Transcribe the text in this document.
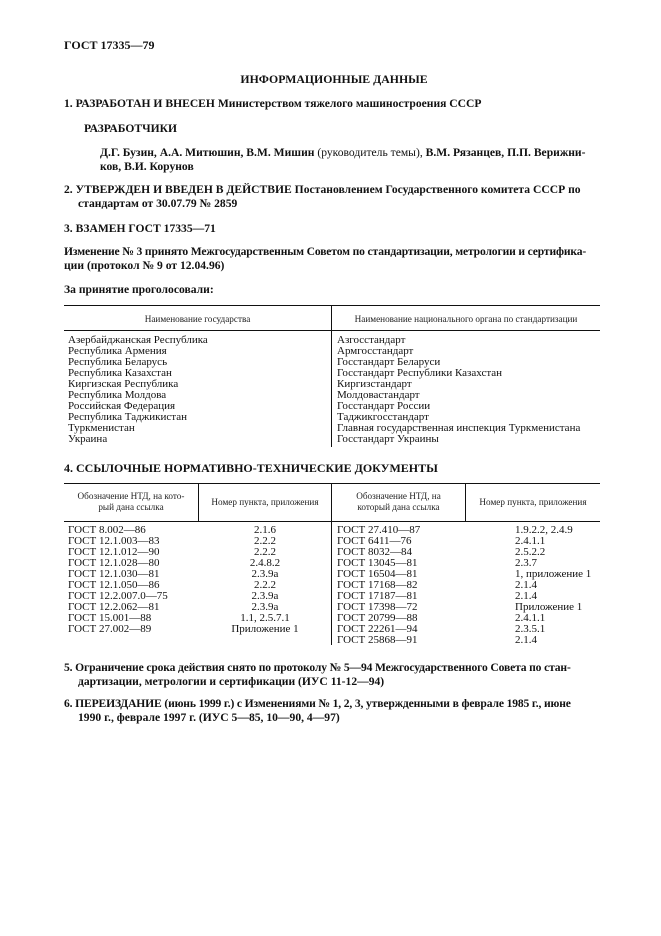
ГОСТ 17335—79
ИНФОРМАЦИОННЫЕ ДАННЫЕ
1. РАЗРАБОТАН И ВНЕСЕН Министерством тяжелого машиностроения СССР
РАЗРАБОТЧИКИ
Д.Г. Бузин, А.А. Митюшин, В.М. Мишин (руководитель темы), В.М. Рязанцев, П.П. Верижни-
ков, В.И. Корунов
2. УТВЕРЖДЕН И ВВЕДЕН В ДЕЙСТВИЕ Постановлением Государственного комитета СССР по
стандартам от 30.07.79 № 2859
3. ВЗАМЕН ГОСТ 17335—71
Изменение № 3 принято Межгосударственным Советом по стандартизации, метрологии и сертифика-
ции (протокол № 9 от 12.04.96)
За принятие проголосовали:
Наименование государства	Наименование национального органа по стандартизации
Азербайджанская Республика	Азгосстандарт
Республика Армения	Армгосстандарт
Республика Беларусь	Госстандарт Беларуси
Республика Казахстан	Госстандарт Республики Казахстан
Киргизская Республика	Киргизстандарт
Республика Молдова	Молдовастандарт
Российская Федерация	Госстандарт России
Республика Таджикистан	Таджикгосстандарт
Туркменистан	Главная государственная инспекция Туркменистана
Украина	Госстандарт Украины
4. ССЫЛОЧНЫЕ НОРМАТИВНО-ТЕХНИЧЕСКИЕ ДОКУМЕНТЫ
Обозначение НТД, на кото-
рый дана ссылка	Номер пункта, приложения
Обозначение НТД, на
который дана ссылка	Номер пункта, приложения
ГОСТ 8.002—86	2.1.6
ГОСТ 12.1.003—83	2.2.2
ГОСТ 12.1.012—90	2.2.2
ГОСТ 12.1.028—80	2.4.8.2
ГОСТ 12.1.030—81	2.3.9а
ГОСТ 12.1.050—86	2.2.2
ГОСТ 12.2.007.0—75	2.3.9а
ГОСТ 12.2.062—81	2.3.9а
ГОСТ 15.001—88	1.1, 2.5.7.1
ГОСТ 27.002—89	Приложение 1
ГОСТ 27.410—87	1.9.2.2, 2.4.9
ГОСТ 6411—76	2.4.1.1
ГОСТ 8032—84	2.5.2.2
ГОСТ 13045—81	2.3.7
ГОСТ 16504—81	1, приложение 1
ГОСТ 17168—82	2.1.4
ГОСТ 17187—81	2.1.4
ГОСТ 17398—72	Приложение 1
ГОСТ 20799—88	2.4.1.1
ГОСТ 22261—94	2.3.5.1
ГОСТ 25868—91	2.1.4
5. Ограничение срока действия снято по протоколу № 5—94 Межгосударственного Совета по стан-
дартизации, метрологии и сертификации (ИУС 11-12—94)
6. ПЕРЕИЗДАНИЕ (июнь 1999 г.) с Изменениями № 1, 2, 3, утвержденными в феврале 1985 г., июне
1990 г., феврале 1997 г. (ИУС 5—85, 10—90, 4—97)
